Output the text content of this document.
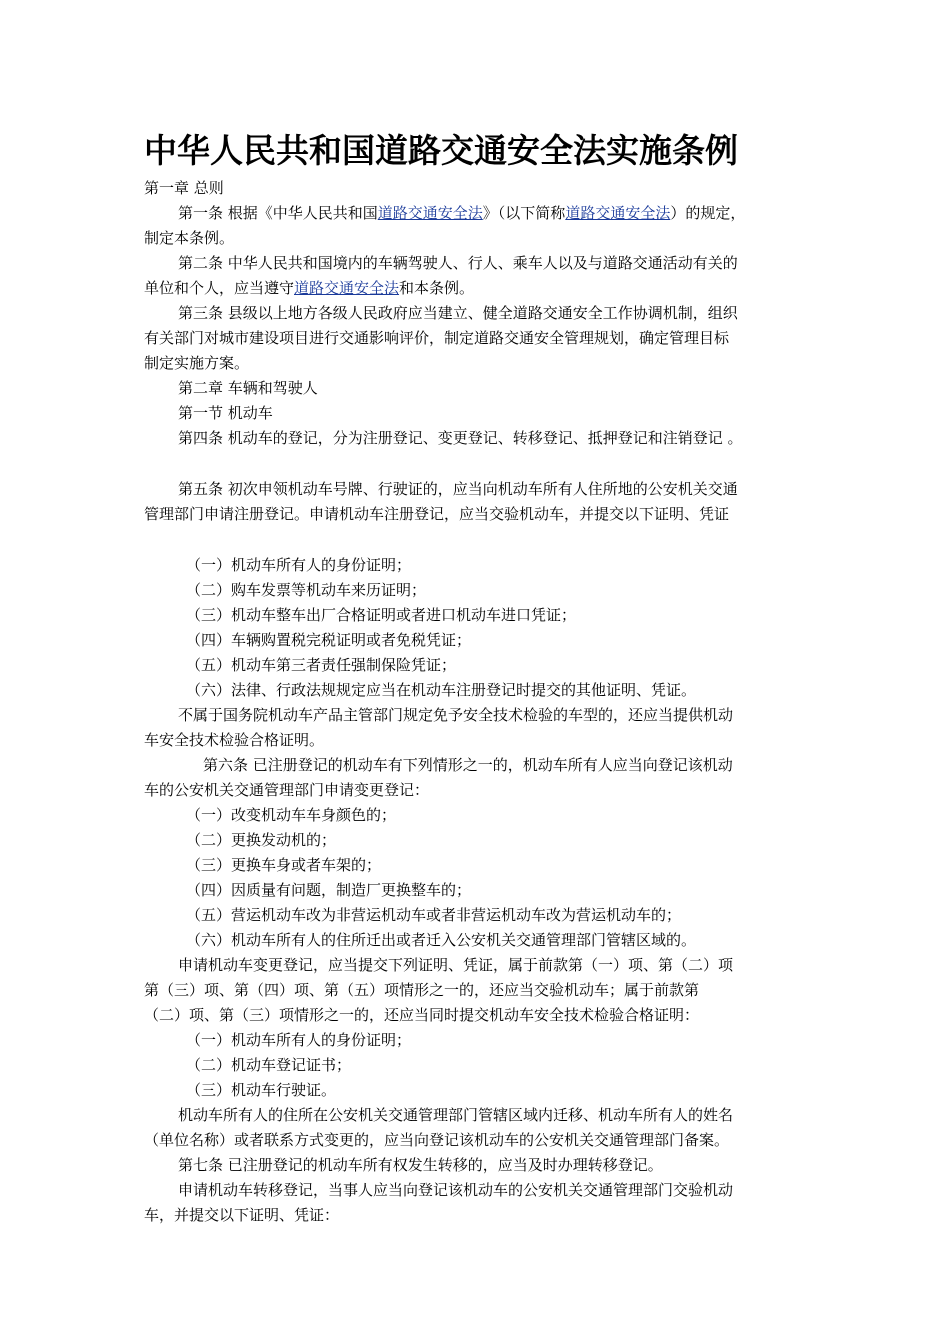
中华人民共和国道路交通安全法实施条例
第一章 总则
第一条 根据《中华人民共和国道路交通安全法》（以下简称道路交通安全法）的规定，
制定本条例。
第二条 中华人民共和国境内的车辆驾驶人、行人、乘车人以及与道路交通活动有关的
单位和个人，应当遵守道路交通安全法和本条例。
第三条 县级以上地方各级人民政府应当建立、健全道路交通安全工作协调机制，组织
有关部门对城市建设项目进行交通影响评价，制定道路交通安全管理规划，确定管理目标
制定实施方案。
第二章 车辆和驾驶人
第一节 机动车
第四条 机动车的登记，分为注册登记、变更登记、转移登记、抵押登记和注销登记 。
第五条 初次申领机动车号牌、行驶证的，应当向机动车所有人住所地的公安机关交通
管理部门申请注册登记。申请机动车注册登记，应当交验机动车，并提交以下证明、凭证
（一）机动车所有人的身份证明；
（二）购车发票等机动车来历证明；
（三）机动车整车出厂合格证明或者进口机动车进口凭证；
（四）车辆购置税完税证明或者免税凭证；
（五）机动车第三者责任强制保险凭证；
（六）法律、行政法规规定应当在机动车注册登记时提交的其他证明、凭证。
不属于国务院机动车产品主管部门规定免予安全技术检验的车型的，还应当提供机动
车安全技术检验合格证明。
第六条 已注册登记的机动车有下列情形之一的，机动车所有人应当向登记该机动
车的公安机关交通管理部门申请变更登记：
（一）改变机动车车身颜色的；
（二）更换发动机的；
（三）更换车身或者车架的；
（四）因质量有问题，制造厂更换整车的；
（五）营运机动车改为非营运机动车或者非营运机动车改为营运机动车的；
（六）机动车所有人的住所迁出或者迁入公安机关交通管理部门管辖区域的。
申请机动车变更登记，应当提交下列证明、凭证，属于前款第（一）项、第（二）项
第（三）项、第（四）项、第（五）项情形之一的，还应当交验机动车；属于前款第
（二）项、第（三）项情形之一的，还应当同时提交机动车安全技术检验合格证明：
（一）机动车所有人的身份证明；
（二）机动车登记证书；
（三）机动车行驶证。
机动车所有人的住所在公安机关交通管理部门管辖区域内迁移、机动车所有人的姓名
（单位名称）或者联系方式变更的，应当向登记该机动车的公安机关交通管理部门备案。
第七条 已注册登记的机动车所有权发生转移的，应当及时办理转移登记。
申请机动车转移登记，当事人应当向登记该机动车的公安机关交通管理部门交验机动
车，并提交以下证明、凭证：
